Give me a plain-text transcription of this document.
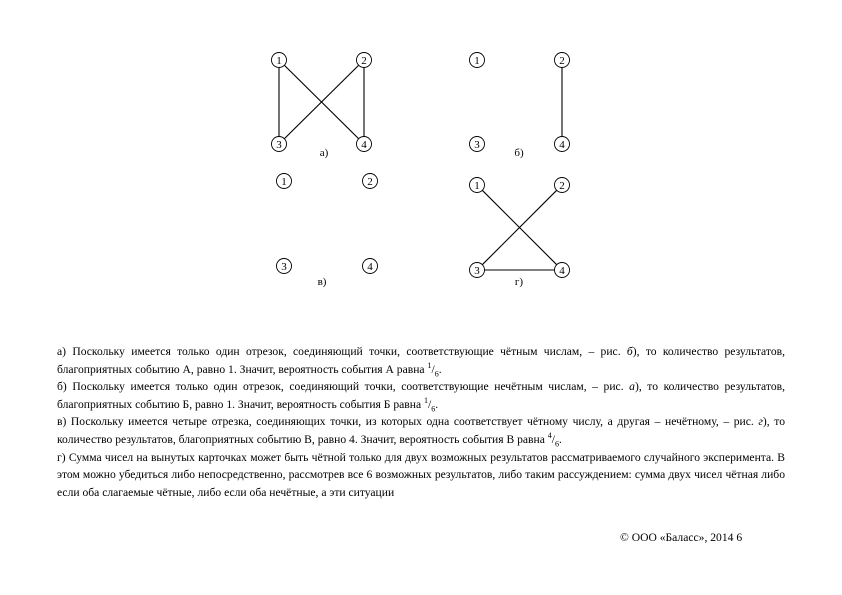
1	2
3	4
а)
1	2
3	4
б)
1	2
3	4
в)
1	2
3	4
г)

а) Поскольку имеется только один отрезок, соединяющий точки, соответствующие чётным числам, – рис. б), то количество результатов, благоприятных событию А, равно 1. Значит, вероятность события А равна $^1/_6$.

б) Поскольку имеется только один отрезок, соединяющий точки, соответствующие нечётным числам, – рис. а), то количество результатов, благоприятных событию Б, равно 1. Значит, вероятность события Б равна $^1/_6$.

в) Поскольку имеется четыре отрезка, соединяющих точки, из которых одна соответствует чётному числу, а другая – нечётному, – рис. г), то количество результатов, благоприятных событию В, равно 4. Значит, вероятность события В равна $^4/_6$.

г) Сумма чисел на вынутых карточках может быть чётной только для двух возможных результатов рассматриваемого случайного эксперимента. В этом можно убедиться либо непосредственно, рассмотрев все 6 возможных результатов, либо таким рассуждением: сумма двух чисел чётная либо если оба слагаемые чётные, либо если оба нечётные, а эти ситуации

© ООО «Баласс», 2014 6
